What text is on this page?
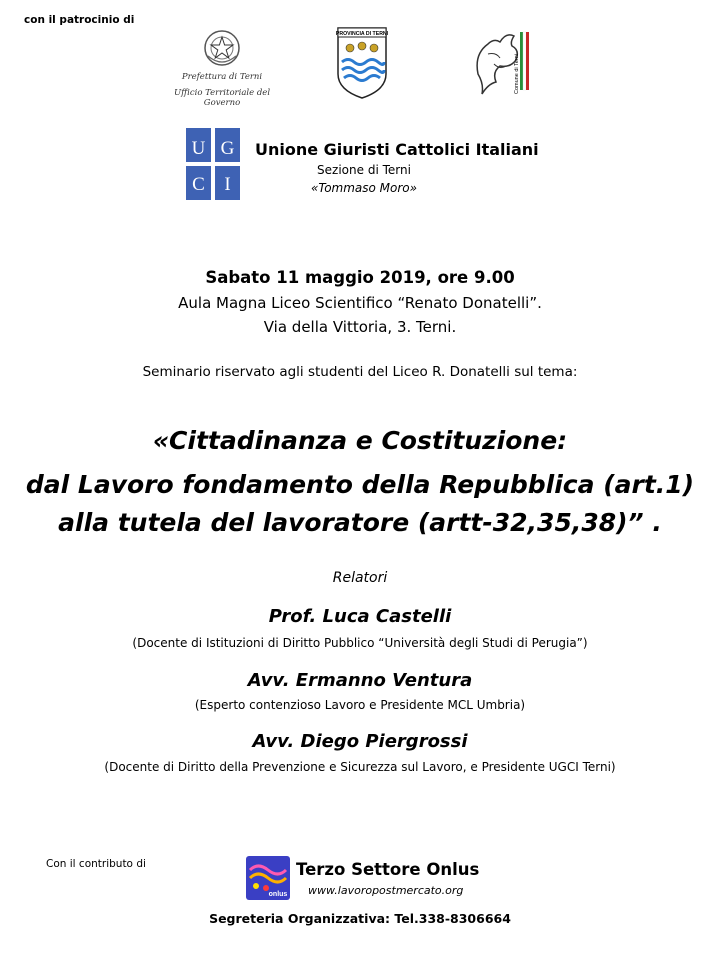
con il patrocinio di
Prefettura di Terni
Ufficio Territoriale del Governo
PROVINCIA DI TERNI
Comune di Terni
U G
C I
Unione Giuristi Cattolici Italiani
Sezione di Terni
«Tommaso Moro»
Sabato 11 maggio 2019, ore 9.00
Aula Magna Liceo Scientifico “Renato Donatelli”.
Via della Vittoria, 3. Terni.
Seminario riservato agli studenti del Liceo R. Donatelli sul tema:
«Cittadinanza e Costituzione:
dal Lavoro fondamento della Repubblica (art.1)
alla tutela del lavoratore (artt-32,35,38)” .
Relatori
Prof. Luca Castelli
(Docente di Istituzioni di Diritto Pubblico “Università degli Studi di Perugia”)
Avv. Ermanno Ventura
(Esperto contenzioso Lavoro e Presidente MCL Umbria)
Avv. Diego Piergrossi
(Docente di Diritto della Prevenzione e Sicurezza sul Lavoro, e Presidente UGCI Terni)
Con il contributo di
onlus
Terzo Settore Onlus
www.lavoropostmercato.org
Segreteria Organizzativa: Tel.338-8306664
